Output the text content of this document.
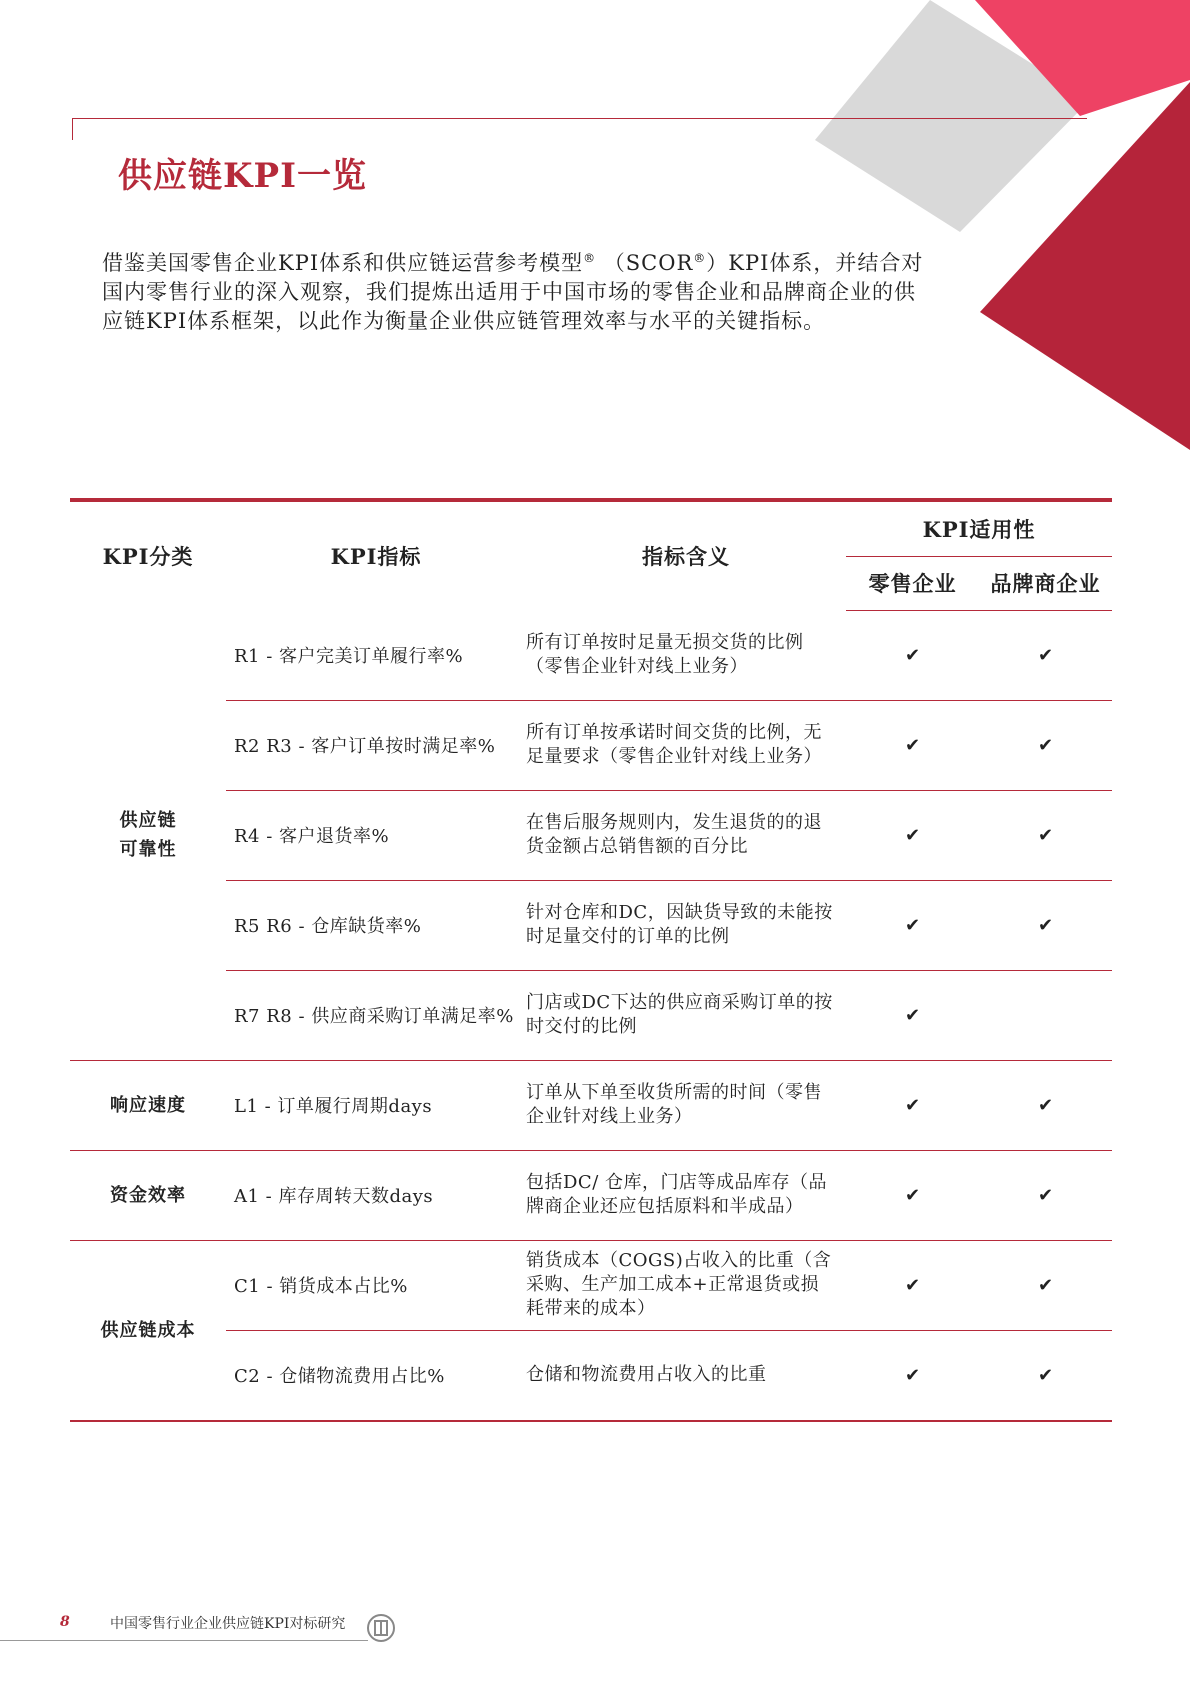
供应链KPI一览

借鉴美国零售企业KPI体系和供应链运营参考模型® （SCOR®）KPI体系，并结合对国内零售行业的深入观察，我们提炼出适用于中国市场的零售企业和品牌商企业的供应链KPI体系框架，以此作为衡量企业供应链管理效率与水平的关键指标。

KPI分类	KPI指标	指标含义	KPI适用性	
			零售企业	品牌商企业
供应链
可靠性	R1 - 客户完美订单履行率%	所有订单按时足量无损交货的比例（零售企业针对线上业务）	✔	✔
	R2 R3 - 客户订单按时满足率%	所有订单按承诺时间交货的比例，无足量要求（零售企业针对线上业务）	✔	✔
	R4 - 客户退货率%	在售后服务规则内，发生退货的的退货金额占总销售额的百分比	✔	✔
	R5 R6 - 仓库缺货率%	针对仓库和DC，因缺货导致的未能按时足量交付的订单的比例	✔	✔
	R7 R8 - 供应商采购订单满足率%	门店或DC下达的供应商采购订单的按时交付的比例	✔	
响应速度	L1 - 订单履行周期days	订单从下单至收货所需的时间（零售企业针对线上业务）	✔	✔
资金效率	A1 - 库存周转天数days	包括DC/ 仓库，门店等成品库存（品牌商企业还应包括原料和半成品）	✔	✔
供应链成本	C1 - 销货成本占比%	销货成本（COGS)占收入的比重（含采购、生产加工成本+正常退货或损耗带来的成本）	✔	✔
	C2 - 仓储物流费用占比%	仓储和物流费用占收入的比重	✔	✔
8	中国零售行业企业供应链KPI对标研究
